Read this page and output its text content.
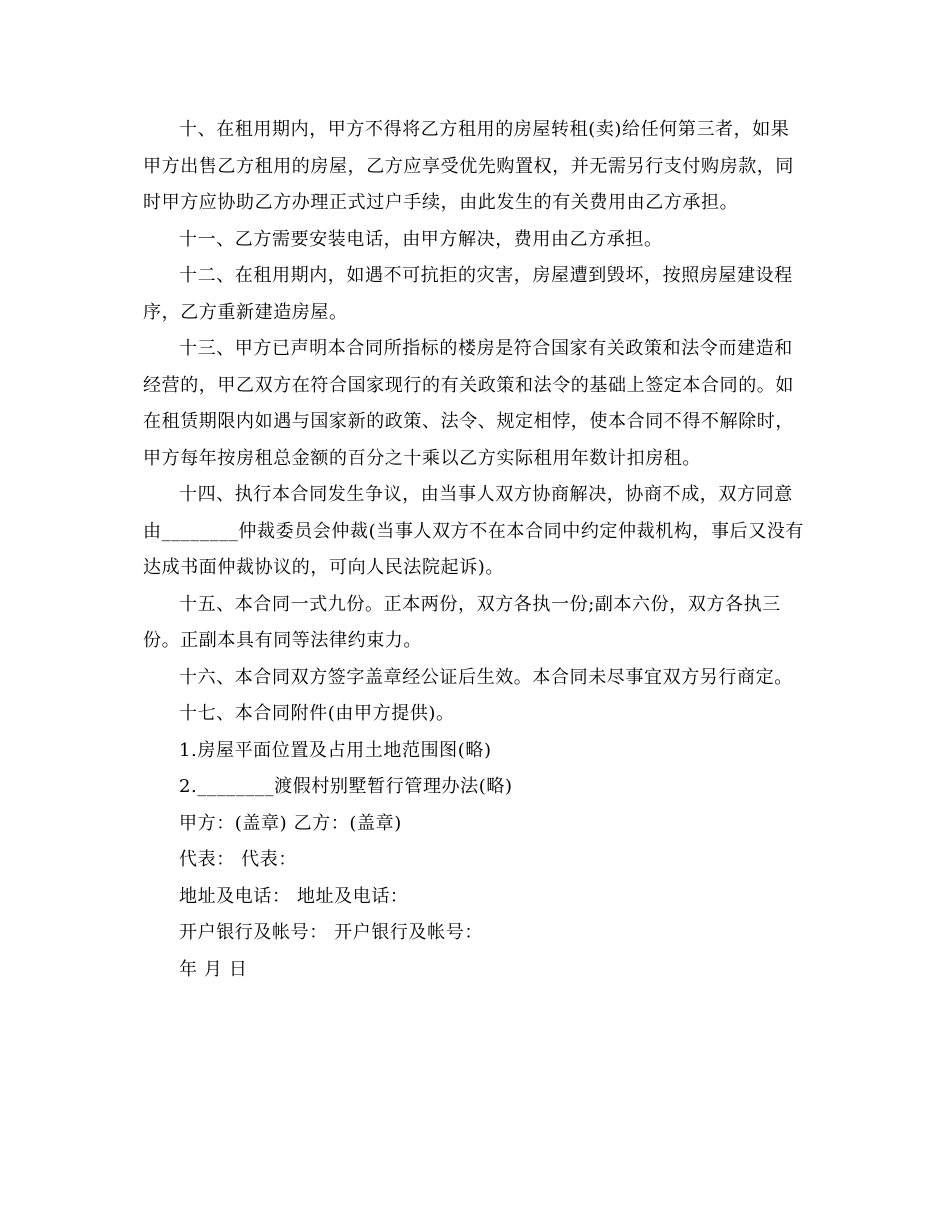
十、在租用期内，甲方不得将乙方租用的房屋转租(卖)给任何第三者，如果
甲方出售乙方租用的房屋，乙方应享受优先购置权，并无需另行支付购房款，同
时甲方应协助乙方办理正式过户手续，由此发生的有关费用由乙方承担。

十一、乙方需要安装电话，由甲方解决，费用由乙方承担。

十二、在租用期内，如遇不可抗拒的灾害，房屋遭到毁坏，按照房屋建设程
序，乙方重新建造房屋。

十三、甲方已声明本合同所指标的楼房是符合国家有关政策和法令而建造和
经营的，甲乙双方在符合国家现行的有关政策和法令的基础上签定本合同的。如
在租赁期限内如遇与国家新的政策、法令、规定相悖，使本合同不得不解除时，
甲方每年按房租总金额的百分之十乘以乙方实际租用年数计扣房租。

十四、执行本合同发生争议，由当事人双方协商解决，协商不成，双方同意
由________仲裁委员会仲裁(当事人双方不在本合同中约定仲裁机构，事后又没有
达成书面仲裁协议的，可向人民法院起诉)。

十五、本合同一式九份。正本两份，双方各执一份;副本六份，双方各执三
份。正副本具有同等法律约束力。

十六、本合同双方签字盖章经公证后生效。本合同未尽事宜双方另行商定。

十七、本合同附件(由甲方提供)。

1.房屋平面位置及占用土地范围图(略)

2.________渡假村别墅暂行管理办法(略)

甲方：(盖章) 乙方：(盖章)

代表： 代表：

地址及电话： 地址及电话：

开户银行及帐号： 开户银行及帐号：

年 月 日
